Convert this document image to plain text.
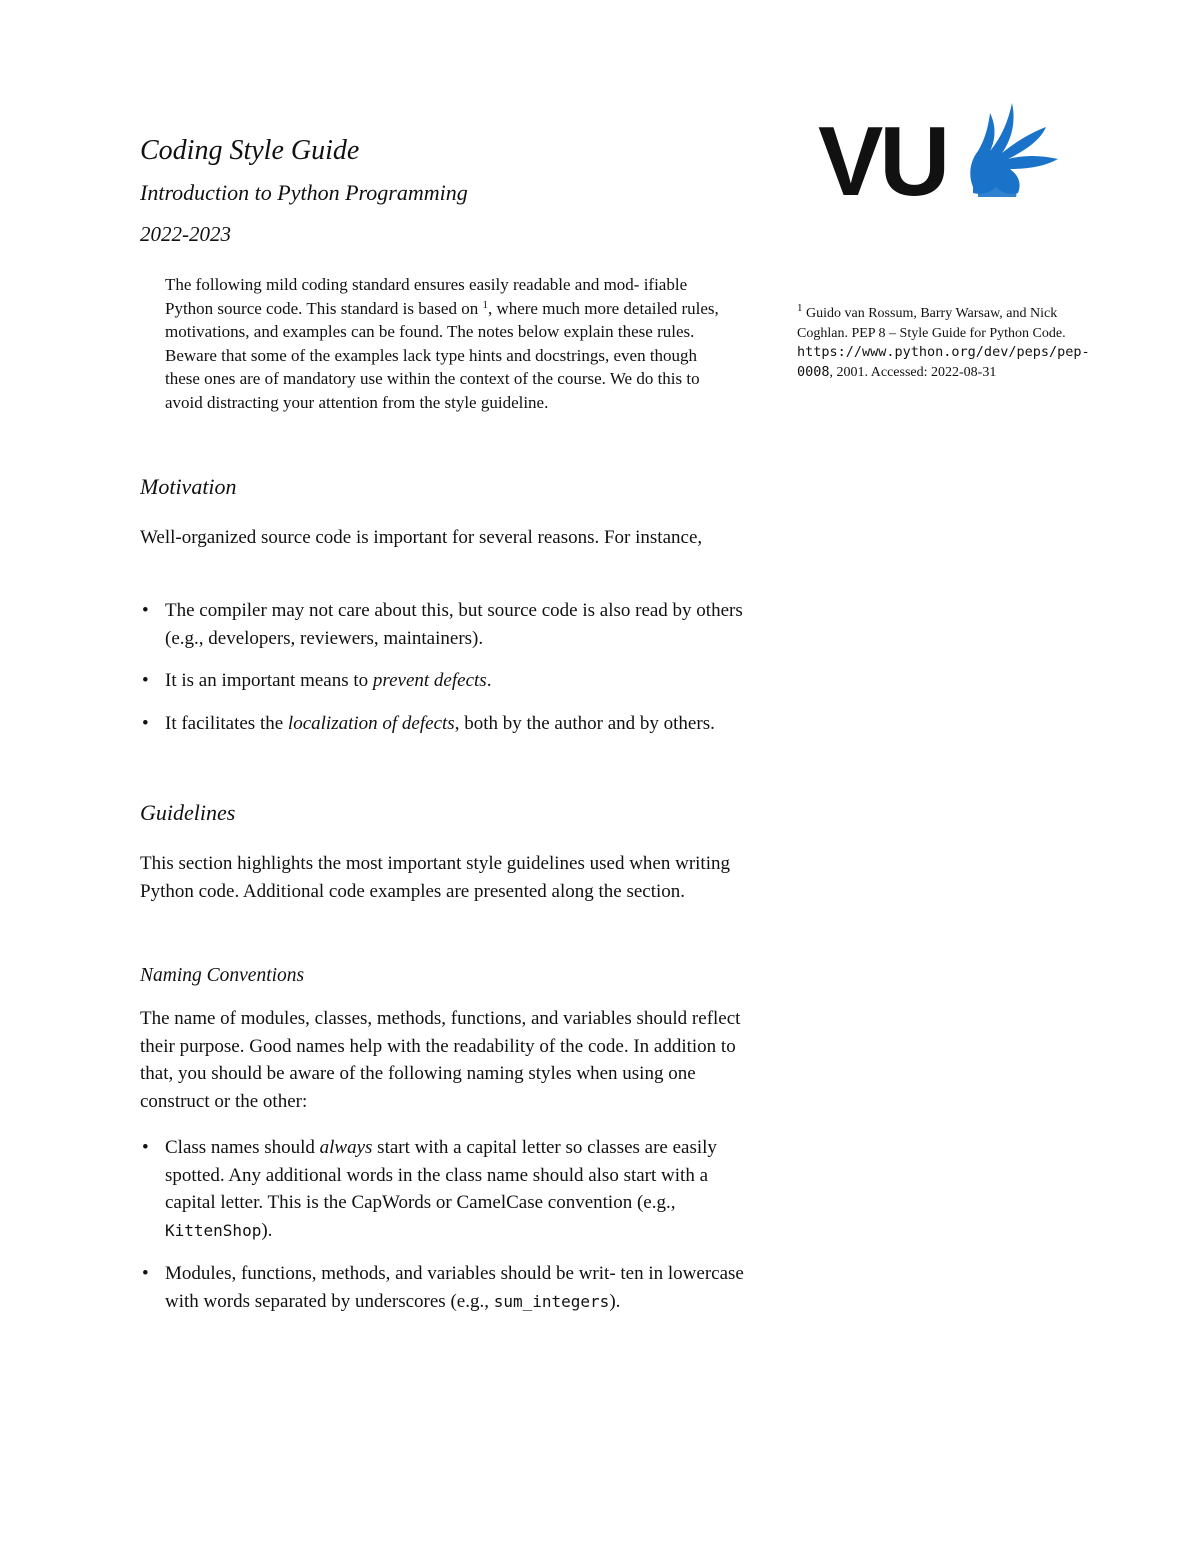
VU
Coding Style Guide
Introduction to Python Programming

2022-2023

The following mild coding standard ensures easily readable and mod- ifiable Python source code. This standard is based on $^1$, where much more detailed rules, motivations, and examples can be found. The notes below explain these rules. Beware that some of the examples lack type hints and docstrings, even though these ones are of mandatory use within the context of the course. We do this to avoid distracting your attention from the style guideline.

$^1$ Guido van Rossum, Barry Warsaw, and Nick Coghlan. PEP 8 – Style Guide for Python Code. https://www.python.org/dev/peps/pep-0008, 2001. Accessed: 2022-08-31

Motivation

Well-organized source code is important for several reasons. For instance,

• The compiler may not care about this, but source code is also read by others (e.g., developers, reviewers, maintainers).
• It is an important means to prevent defects.
• It facilitates the localization of defects, both by the author and by others.
Guidelines

This section highlights the most important style guidelines used when writing Python code. Additional code examples are presented along the section.

Naming Conventions

The name of modules, classes, methods, functions, and variables should reflect their purpose. Good names help with the readability of the code. In addition to that, you should be aware of the following naming styles when using one construct or the other:

• Class names should always start with a capital letter so classes are easily spotted. Any additional words in the class name should also start with a capital letter. This is the CapWords or CamelCase convention (e.g., KittenShop).
• Modules, functions, methods, and variables should be writ- ten in lowercase with words separated by underscores (e.g., sum_integers).
